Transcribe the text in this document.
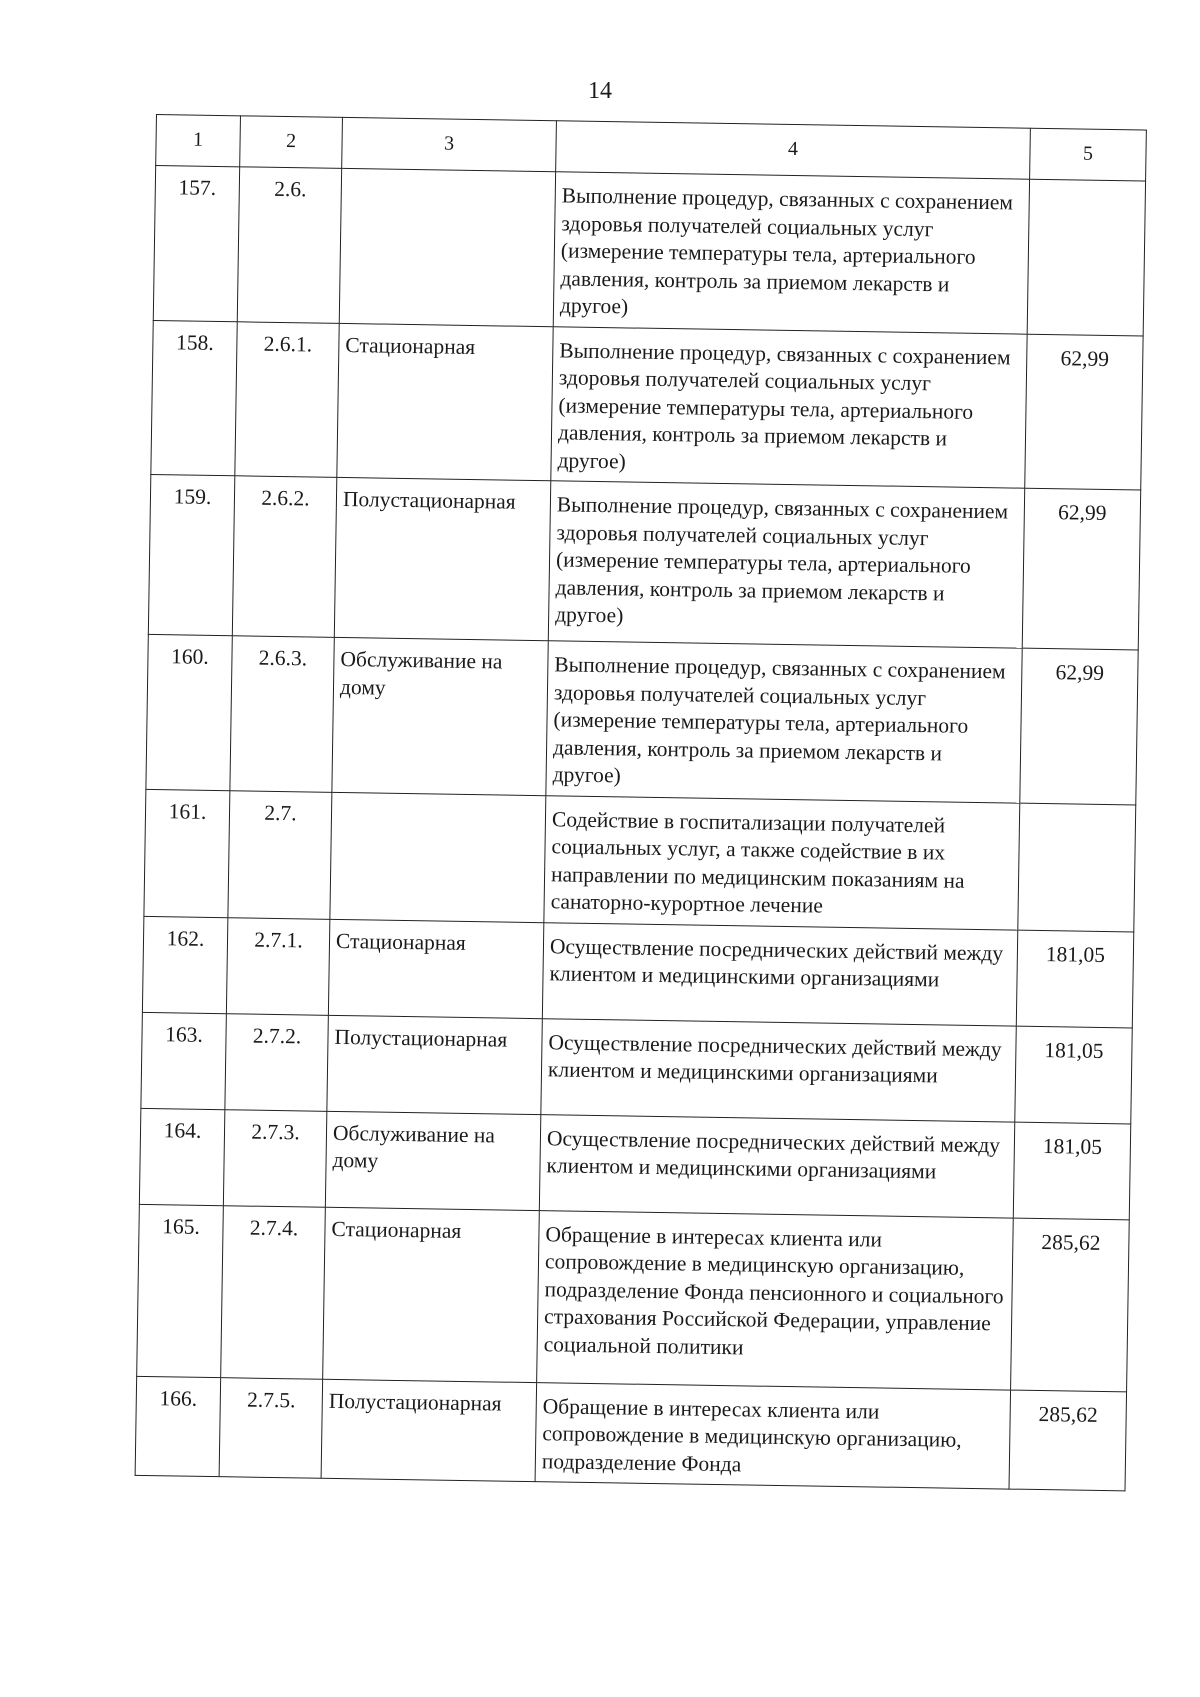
14
1	2	3	4	5
157.	2.6.		Выполнение процедур, связанных с сохранением здоровья получателей социальных услуг (измерение температуры тела, артериального давления, контроль за приемом лекарств и другое)	
158.	2.6.1.	Стационарная	Выполнение процедур, связанных с сохранением здоровья получателей социальных услуг (измерение температуры тела, артериального давления, контроль за приемом лекарств и другое)	62,99
159.	2.6.2.	Полустационарная	Выполнение процедур, связанных с сохранением здоровья получателей социальных услуг (измерение температуры тела, артериального давления, контроль за приемом лекарств и другое)	62,99
160.	2.6.3.	Обслуживание на дому	Выполнение процедур, связанных с сохранением здоровья получателей социальных услуг (измерение температуры тела, артериального давления, контроль за приемом лекарств и другое)	62,99
161.	2.7.		Содействие в госпитализации получателей социальных услуг, а также содействие в их направлении по медицинским показаниям на санаторно-курортное лечение	
162.	2.7.1.	Стационарная	Осуществление посреднических действий между клиентом и медицинскими организациями	181,05
163.	2.7.2.	Полустационарная	Осуществление посреднических действий между клиентом и медицинскими организациями	181,05
164.	2.7.3.	Обслуживание на дому	Осуществление посреднических действий между клиентом и медицинскими организациями	181,05
165.	2.7.4.	Стационарная	Обращение в интересах клиента или сопровождение в медицинскую организацию, подразделение Фонда пенсионного и социального страхования Российской Федерации, управление социальной политики	285,62
166.	2.7.5.	Полустационарная	Обращение в интересах клиента или сопровождение в медицинскую организацию, подразделение Фонда	285,62
